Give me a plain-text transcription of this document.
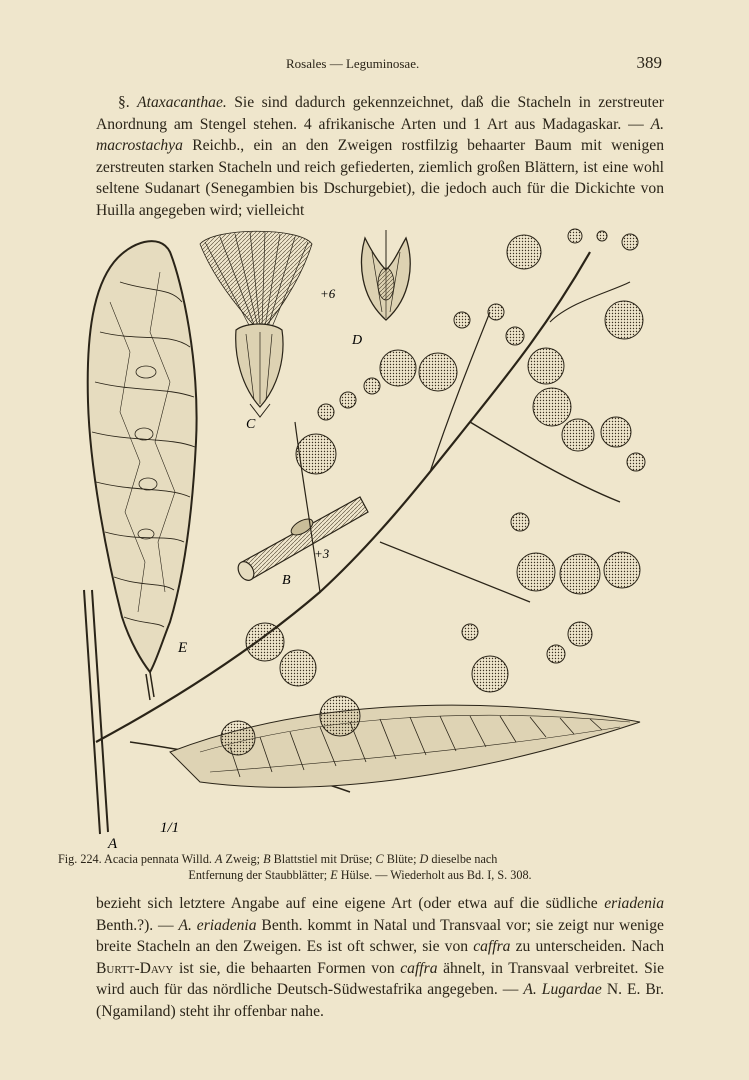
Rosales — Leguminosae.	389

§. Ataxacanthae. Sie sind dadurch gekennzeichnet, daß die Stacheln in zerstreuter Anordnung am Stengel stehen. 4 afrikanische Arten und 1 Art aus Madagaskar. — A. macrostachya Reichb., ein an den Zweigen rostfilzig behaarter Baum mit wenigen zerstreuten starken Stacheln und reich gefiederten, ziemlich großen Blättern, ist eine wohl seltene Sudanart (Senegambien bis Dschurgebiet), die jedoch auch für die Dickichte von Huilla angegeben wird; vielleicht

E
C
+6
D
+3
B
1/1
A
Fig. 224. Acacia pennata Willd. A Zweig; B Blattstiel mit Drüse; C Blüte; D dieselbe nach
Entfernung der Staubblätter; E Hülse. — Wiederholt aus Bd. I, S. 308.

bezieht sich letztere Angabe auf eine eigene Art (oder etwa auf die südliche eriadenia Benth.?). — A. eriadenia Benth. kommt in Natal und Transvaal vor; sie zeigt nur wenige breite Stacheln an den Zweigen. Es ist oft schwer, sie von caffra zu unterscheiden. Nach Burtt-Davy ist sie, die behaarten Formen von caffra ähnelt, in Transvaal verbreitet. Sie wird auch für das nördliche Deutsch-Südwestafrika angegeben. — A. Lugardae N. E. Br. (Ngamiland) steht ihr offenbar nahe.
